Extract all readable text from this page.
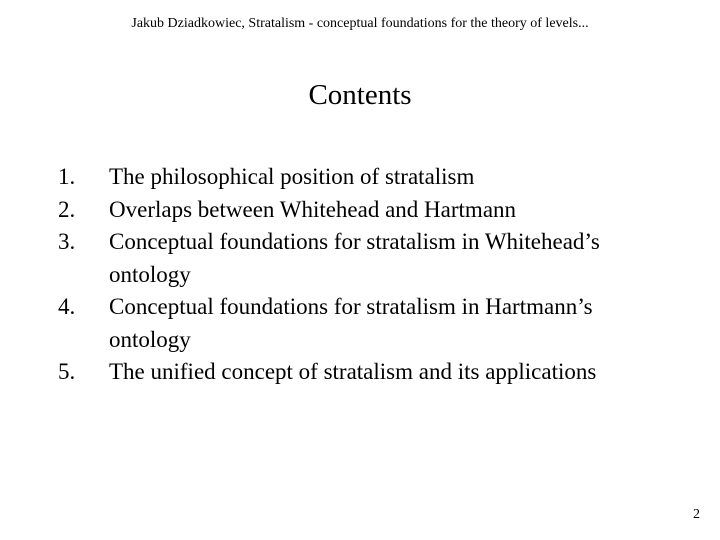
Jakub Dziadkowiec, Stratalism - conceptual foundations for the theory of levels...
Contents
1.	The philosophical position of stratalism
2.	Overlaps between Whitehead and Hartmann
3.	Conceptual foundations for stratalism in Whitehead’s ontology
4.	Conceptual foundations for stratalism in Hartmann’s ontology
5.	The unified concept of stratalism and its applications
2
